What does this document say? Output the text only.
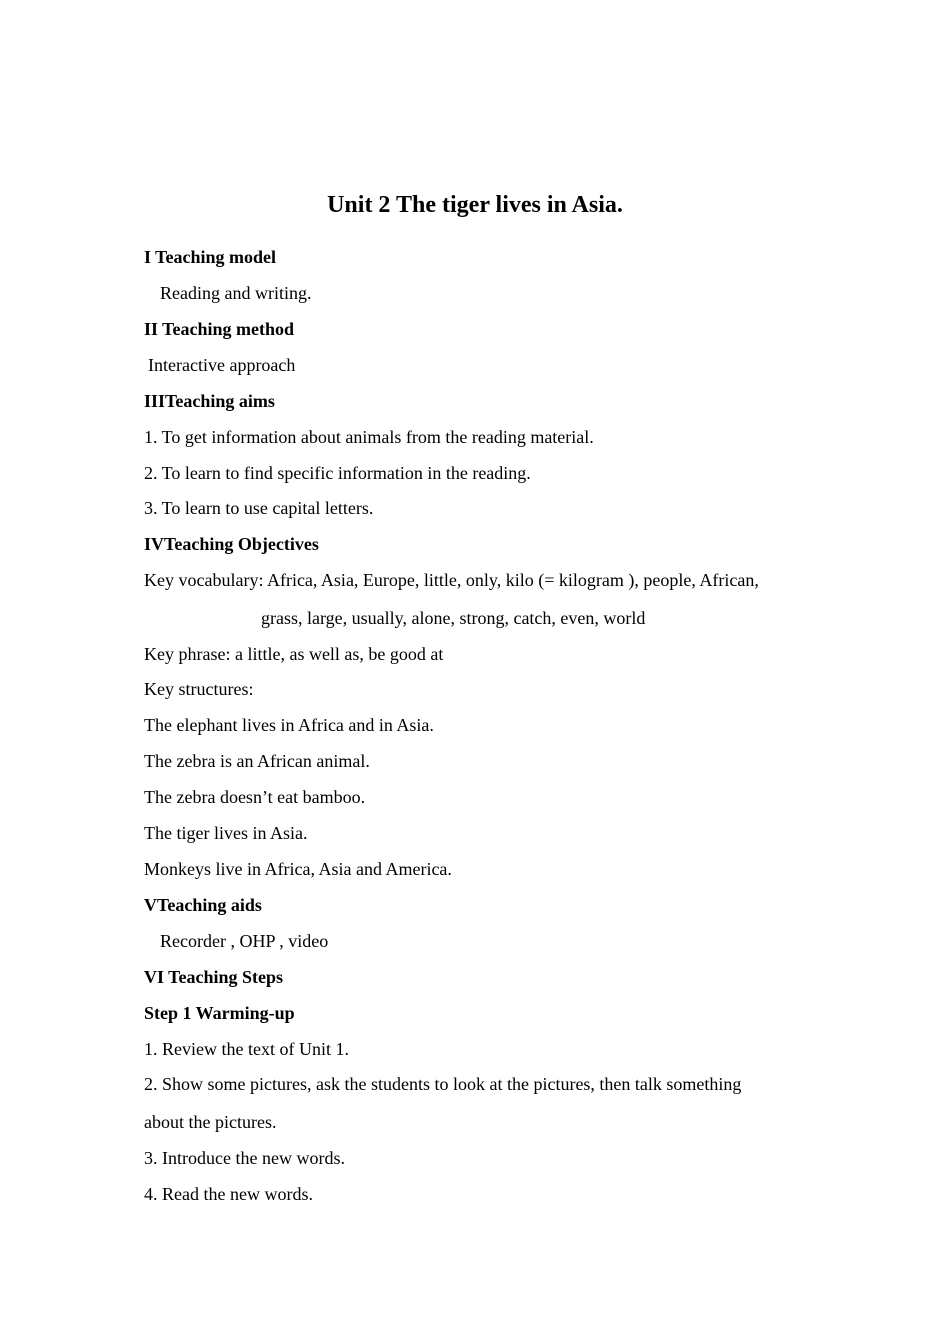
Unit 2 The tiger lives in Asia.

I Teaching model

Reading and writing.

II Teaching method

Interactive approach

IIITeaching aims

1. To get information about animals from the reading material.

2. To learn to find specific information in the reading.

3. To learn to use capital letters.

IVTeaching Objectives

Key vocabulary: Africa, Asia, Europe, little, only, kilo (= kilogram ), people, African,

grass, large, usually, alone, strong, catch, even, world

Key phrase: a little, as well as, be good at

Key structures:

The elephant lives in Africa and in Asia.

The zebra is an African animal.

The zebra doesn’t eat bamboo.

The tiger lives in Asia.

Monkeys live in Africa, Asia and America.

VTeaching aids

Recorder , OHP , video

VI Teaching Steps

Step 1 Warming-up

1. Review the text of Unit 1.

2. Show some pictures, ask the students to look at the pictures, then talk something

about the pictures.

3. Introduce the new words.

4. Read the new words.
